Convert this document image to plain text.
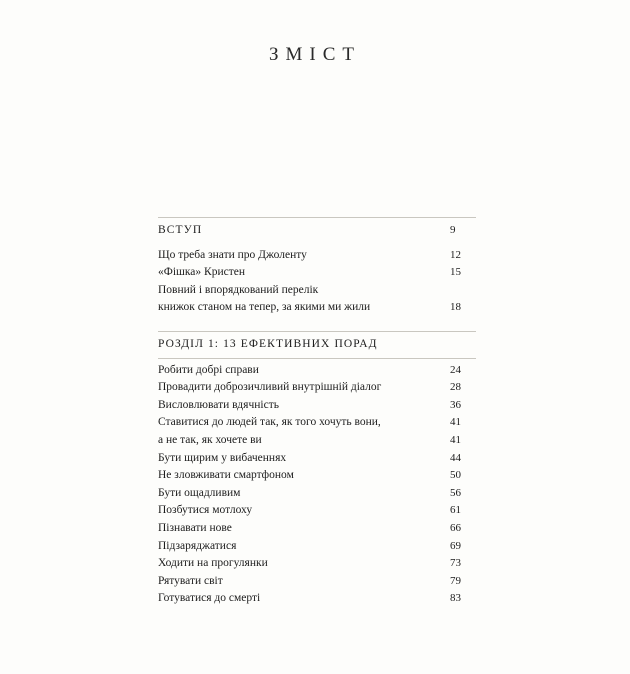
ЗМІСТ
ВСТУП	9
Що треба знати про Джоленту	12
«Фішка» Кристен	15
Повний і впорядкований перелік
книжок станом на тепер, за якими ми жили	18
РОЗДІЛ 1: 13 ЕФЕКТИВНИХ ПОРАД
Робити добрі справи	24
Провадити доброзичливий внутрішній діалог	28
Висловлювати вдячність	36
Ставитися до людей так, як того хочуть вони,	41
а не так, як хочете ви	41
Бути щирим у вибаченнях	44
Не зловживати смартфоном	50
Бути ощадливим	56
Позбутися мотлоху	61
Пізнавати нове	66
Підзаряджатися	69
Ходити на прогулянки	73
Рятувати світ	79
Готуватися до смерті	83
